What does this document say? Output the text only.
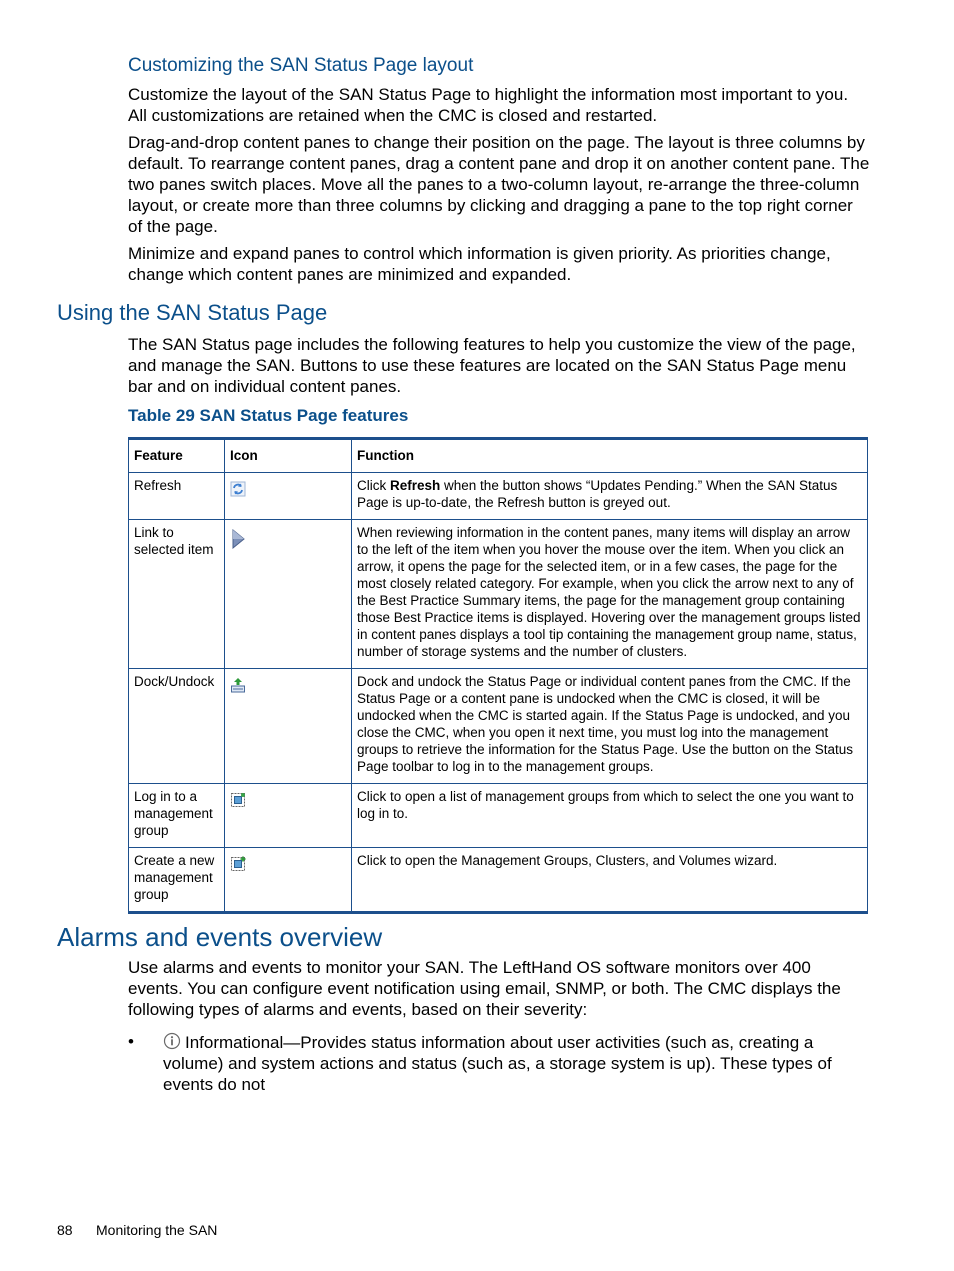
Customizing the SAN Status Page layout

Customize the layout of the SAN Status Page to highlight the information most important to you. All customizations are retained when the CMC is closed and restarted.

Drag-and-drop content panes to change their position on the page. The layout is three columns by default. To rearrange content panes, drag a content pane and drop it on another content pane. The two panes switch places. Move all the panes to a two-column layout, re-arrange the three-column layout, or create more than three columns by clicking and dragging a pane to the top right corner of the page.

Minimize and expand panes to control which information is given priority. As priorities change, change which content panes are minimized and expanded.

Using the SAN Status Page

The SAN Status page includes the following features to help you customize the view of the page, and manage the SAN. Buttons to use these features are located on the SAN Status Page menu bar and on individual content panes.

Table 29 SAN Status Page features

Feature	Icon	Function
Refresh		Click Refresh when the button shows “Updates Pending.” When the SAN Status Page is up-to-date, the Refresh button is greyed out.
Link to selected item		When reviewing information in the content panes, many items will display an arrow to the left of the item when you hover the mouse over the item. When you click an arrow, it opens the page for the selected item, or in a few cases, the page for the most closely related category. For example, when you click the arrow next to any of the Best Practice Summary items, the page for the management group containing those Best Practice items is displayed. Hovering over the management groups listed in content panes displays a tool tip containing the management group name, status, number of storage systems and the number of clusters.
Dock/Undock		Dock and undock the Status Page or individual content panes from the CMC. If the Status Page or a content pane is undocked when the CMC is closed, it will be undocked when the CMC is started again. If the Status Page is undocked, and you close the CMC, when you open it next time, you must log into the management groups to retrieve the information for the Status Page. Use the button on the Status Page toolbar to log in to the management groups.
Log in to a management group		Click to open a list of management groups from which to select the one you want to log in to.
Create a new management group		Click to open the Management Groups, Clusters, and Volumes wizard.
Alarms and events overview

Use alarms and events to monitor your SAN. The LeftHand OS software monitors over 400 events. You can configure event notification using email, SNMP, or both. The CMC displays the following types of alarms and events, based on their severity:

•	Informational—Provides status information about user activities (such as, creating a volume) and system actions and status (such as, a storage system is up). These types of events do not

88 Monitoring the SAN
